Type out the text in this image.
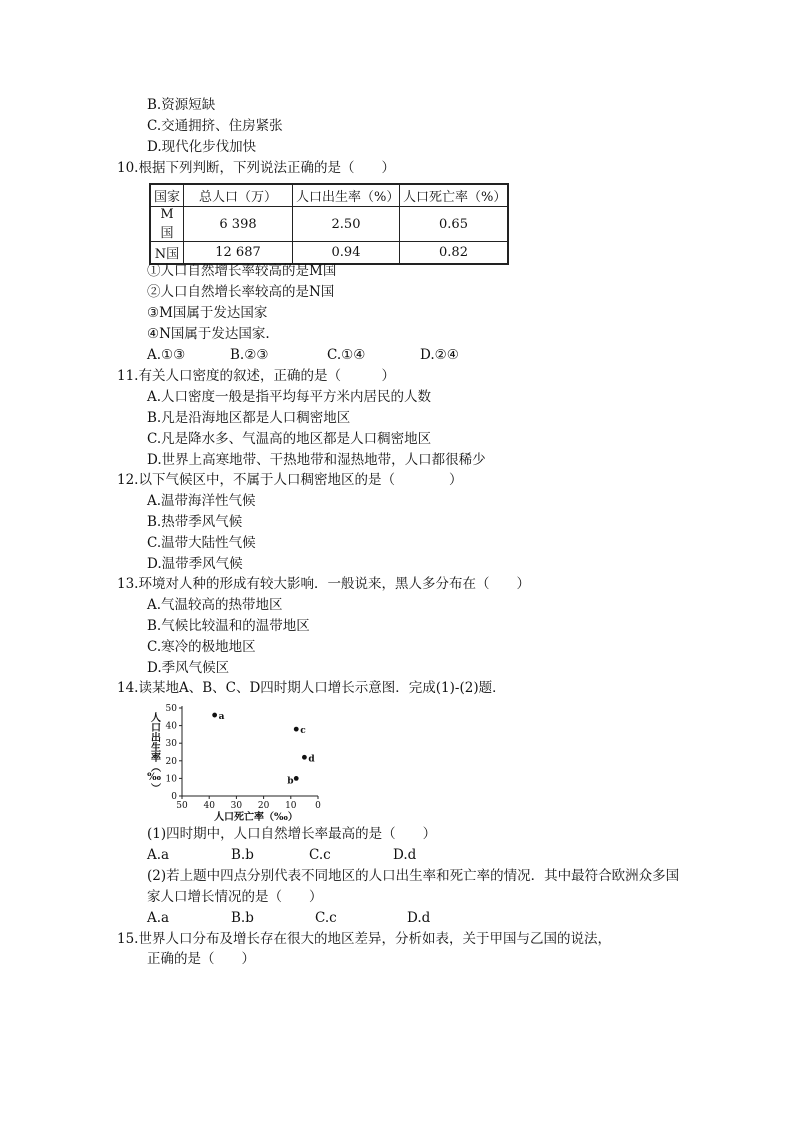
B.资源短缺
C.交通拥挤、住房紧张
D.现代化步伐加快
10.根据下列判断，下列说法正确的是（　　）
国家	总人口（万）	人口出生率（%）	人口死亡率（%）
M国	6 398	2.50	0.65
N国	12 687	0.94	0.82
①人口自然增长率较高的是M国
②人口自然增长率较高的是N国
③M国属于发达国家
④N国属于发达国家.
A.①③	B.②③	C.①④	D.②④
11.有关人口密度的叙述，正确的是（　　　）
A.人口密度一般是指平均每平方米内居民的人数
B.凡是沿海地区都是人口稠密地区
C.凡是降水多、气温高的地区都是人口稠密地区
D.世界上高寒地带、干热地带和湿热地带，人口都很稀少
12.以下气候区中，不属于人口稠密地区的是（　　　　）
A.温带海洋性气候
B.热带季风气候
C.温带大陆性气候
D.温带季风气候
13.环境对人种的形成有较大影响．一般说来，黑人多分布在（　　）
A.气温较高的热带地区
B.气候比较温和的温带地区
C.寒冷的极地地区
D.季风气候区
14.读某地A、B、C、D四时期人口增长示意图．完成(1)-(2)题．
0
10
20
30
40
50
50 40 30 20 10 0
a
b
c
d
人口出生率（‰）
人口死亡率（‰）
(1)四时期中，人口自然增长率最高的是（　　）
A.a	B.b	C.c	D.d
(2)若上题中四点分别代表不同地区的人口出生率和死亡率的情况．其中最符合欧洲众多国
家人口增长情况的是（　　）
A.a	B.b	C.c	D.d
15.世界人口分布及增长存在很大的地区差异，分析如表，关于甲国与乙国的说法，
正确的是（　　）
